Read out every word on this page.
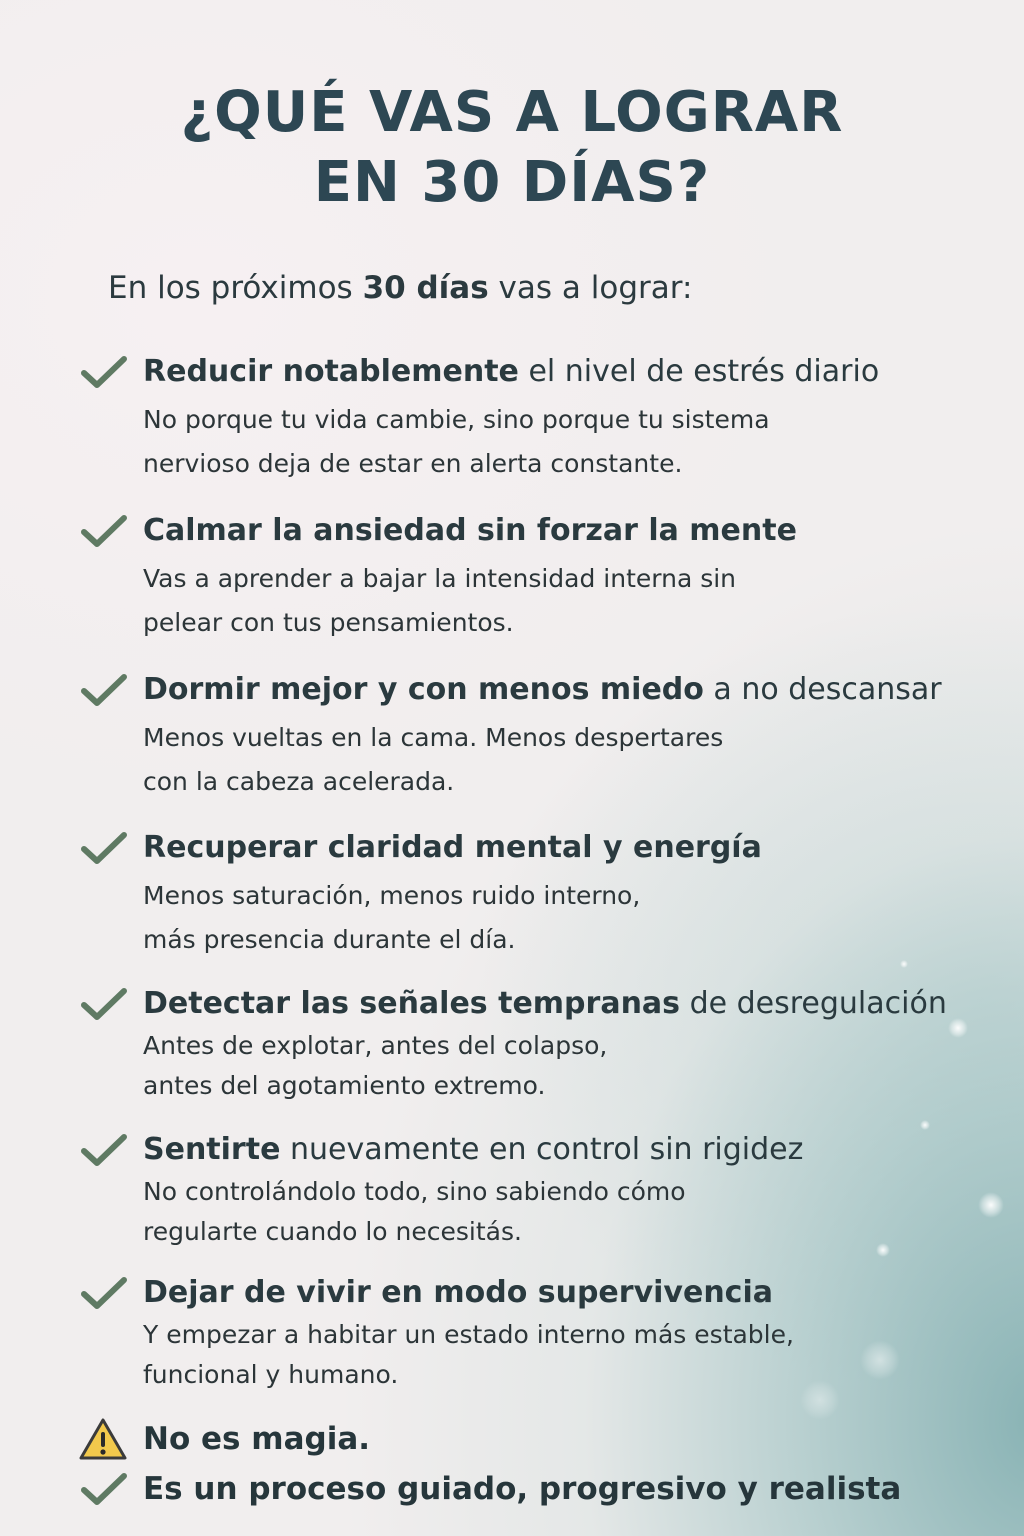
¿QUÉ VAS A LOGRAR
EN 30 DÍAS?
En los próximos 30 días vas a lograr:
Reducir notablemente el nivel de estrés diario
No porque tu vida cambie, sino porque tu sistema
nervioso deja de estar en alerta constante.
Calmar la ansiedad sin forzar la mente
Vas a aprender a bajar la intensidad interna sin
pelear con tus pensamientos.
Dormir mejor y con menos miedo a no descansar
Menos vueltas en la cama. Menos despertares
con la cabeza acelerada.
Recuperar claridad mental y energía
Menos saturación, menos ruido interno,
más presencia durante el día.
Detectar las señales tempranas de desregulación
Antes de explotar, antes del colapso,
antes del agotamiento extremo.
Sentirte nuevamente en control sin rigidez
No controlándolo todo, sino sabiendo cómo
regularte cuando lo necesitás.
Dejar de vivir en modo supervivencia
Y empezar a habitar un estado interno más estable,
funcional y humano.
No es magia.
Es un proceso guiado, progresivo y realista
